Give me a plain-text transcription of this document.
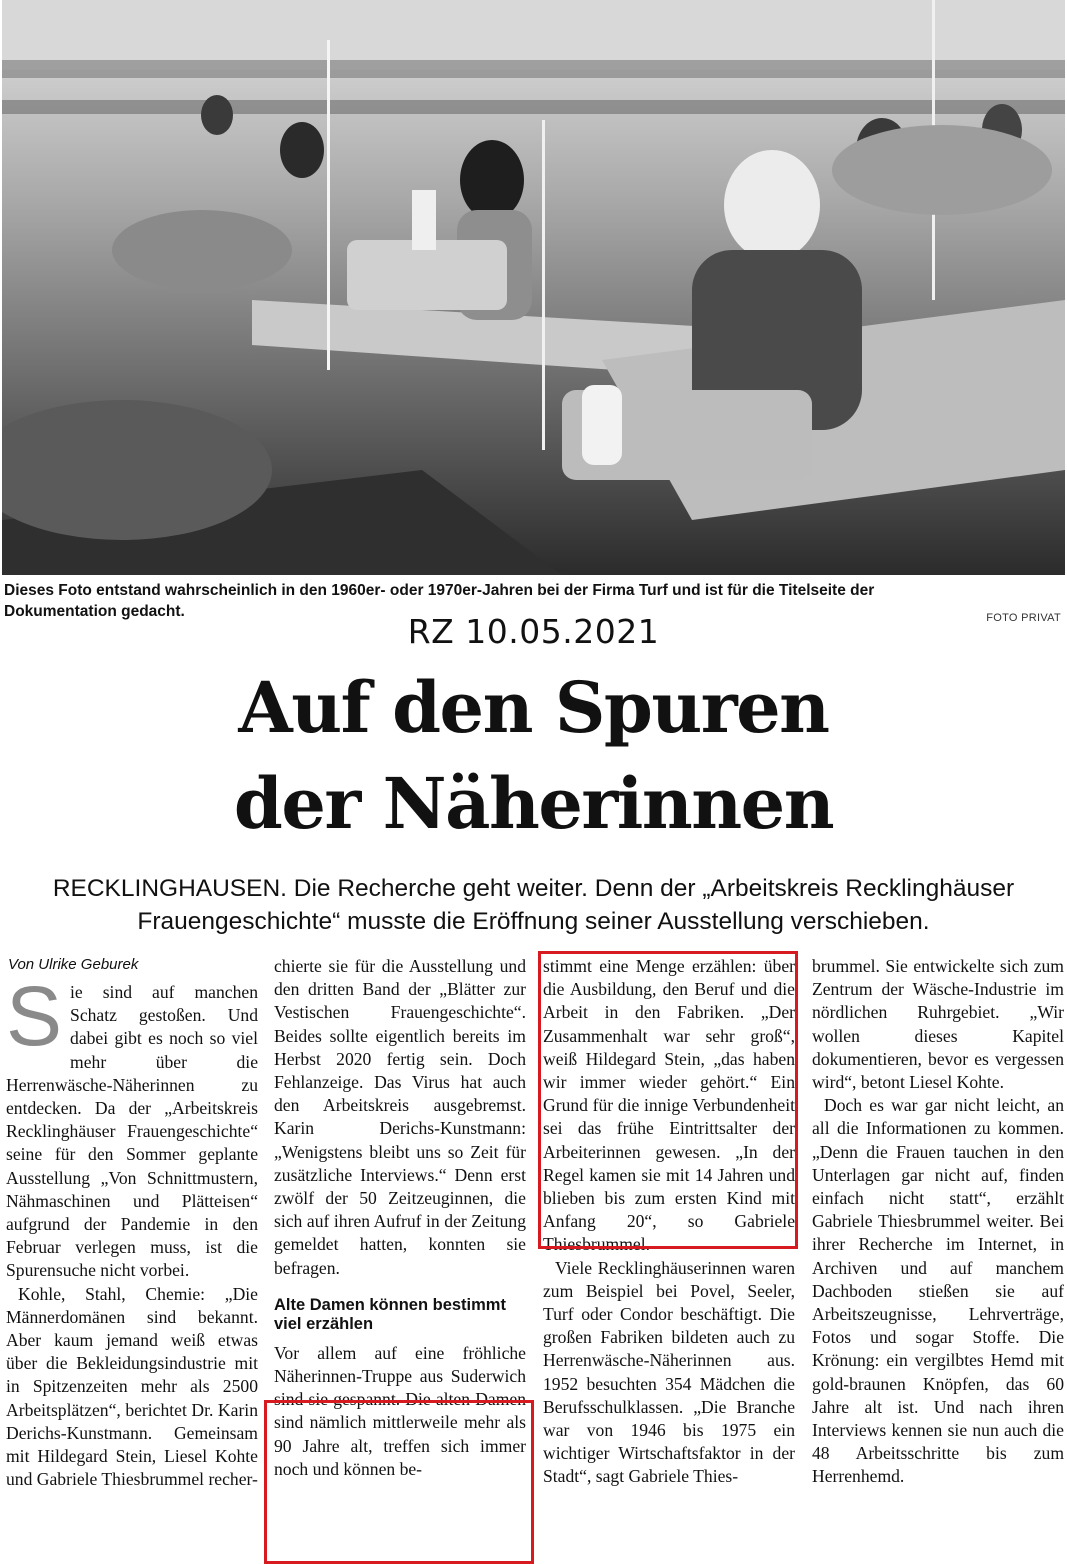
Dieses Foto entstand wahrscheinlich in den 1960er- oder 1970er-Jahren bei der Firma Turf und ist für die Titelseite der Dokumentation gedacht.	FOTO PRIVAT
RZ 10.05.2021
Auf den Spuren
der Näherinnen
RECKLINGHAUSEN. Die Recherche geht weiter. Denn der „Arbeitskreis Recklinghäuser
Frauengeschichte“ musste die Eröffnung seiner Ausstellung verschieben.
Von Ulrike Geburek
S ie sind auf manchen Schatz gestoßen. Und dabei gibt es noch so viel mehr über die Herrenwäsche-Näherinnen zu entdecken. Da der „Arbeitskreis Recklinghäuser Frauengeschichte“ seine für den Sommer geplante Ausstellung „Von Schnittmustern, Nähmaschinen und Plätteisen“ aufgrund der Pandemie in den Februar verlegen muss, ist die Spurensuche nicht vorbei.

Kohle, Stahl, Chemie: „Die Männerdomänen sind bekannt. Aber kaum jemand weiß etwas über die Bekleidungsindustrie mit in Spitzenzeiten mehr als 2500 Arbeitsplätzen“, berichtet Dr. Karin Derichs-Kunstmann. Gemeinsam mit Hildegard Stein, Liesel Kohte und Gabriele Thiesbrummel recher-

chierte sie für die Ausstellung und den dritten Band der „Blätter zur Vestischen Frauengeschichte“. Beides sollte eigentlich bereits im Herbst 2020 fertig sein. Doch Fehlanzeige. Das Virus hat auch den Arbeitskreis ausgebremst. Karin Derichs-Kunstmann: „Wenigstens bleibt uns so Zeit für zusätzliche Interviews.“ Denn erst zwölf der 50 Zeitzeuginnen, die sich auf ihren Aufruf in der Zeitung gemeldet hatten, konnten sie befragen.

Alte Damen können bestimmt viel erzählen

Vor allem auf eine fröhliche Näherinnen-Truppe aus Suderwich sind sie gespannt. Die alten Damen sind nämlich mittlerweile mehr als 90 Jahre alt, treffen sich immer noch und können be-

stimmt eine Menge erzählen: über die Ausbildung, den Beruf und die Arbeit in den Fabriken. „Der Zusammenhalt war sehr groß“, weiß Hildegard Stein, „das haben wir immer wieder gehört.“ Ein Grund für die innige Verbundenheit sei das frühe Eintrittsalter der Arbeiterinnen gewesen. „In der Regel kamen sie mit 14 Jahren und blieben bis zum ersten Kind mit Anfang 20“, so Gabriele Thiesbrummel.

Viele Recklinghäuserinnen waren zum Beispiel bei Povel, Seeler, Turf oder Condor beschäftigt. Die großen Fabriken bildeten auch zu Herrenwäsche-Näherinnen aus. 1952 besuchten 354 Mädchen die Berufsschulklassen. „Die Branche war von 1946 bis 1975 ein wichtiger Wirtschaftsfaktor in der Stadt“, sagt Gabriele Thies-

brummel. Sie entwickelte sich zum Zentrum der Wäsche-Industrie im nördlichen Ruhrgebiet. „Wir wollen dieses Kapitel dokumentieren, bevor es vergessen wird“, betont Liesel Kohte.

Doch es war gar nicht leicht, an all die Informationen zu kommen. „Denn die Frauen tauchen in den Unterlagen gar nicht auf, finden einfach nicht statt“, erzählt Gabriele Thiesbrummel weiter. Bei ihrer Recherche im Internet, in Archiven und auf manchem Dachboden stießen sie auf Arbeitszeugnisse, Lehrverträge, Fotos und sogar Stoffe. Die Krönung: ein vergilbtes Hemd mit gold-braunen Knöpfen, das 60 Jahre alt ist. Und nach ihren Interviews kennen sie nun auch die 48 Arbeitsschritte bis zum Herrenhemd.
